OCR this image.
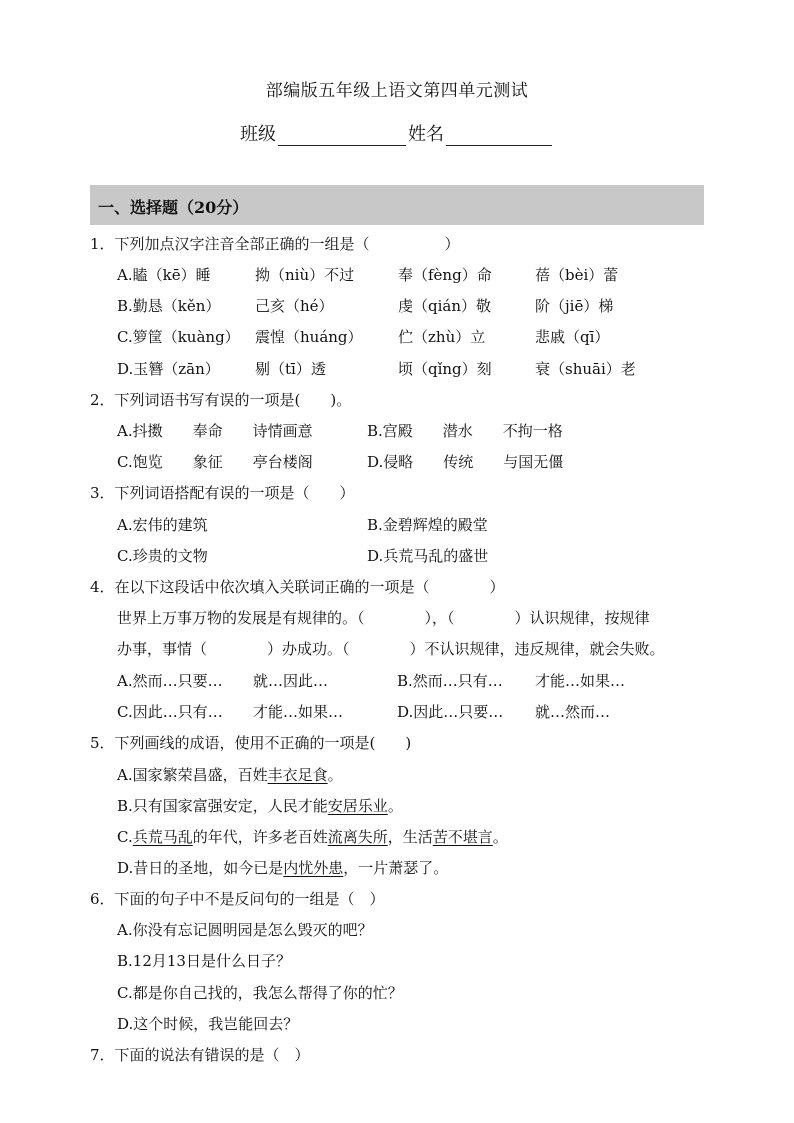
部编版五年级上语文第四单元测试
班级	姓名
一、选择题（20分）
1．下列加点汉字注音全部正确的一组是（　　　　　）
A.瞌（kē）睡	拗（niù）不过	奉（fèng）命	蓓（bèi）蕾
B.勤恳（kěn） 己亥（hé）	虔（qián）敬	阶（jiē）梯
C.箩筐（kuàng） 震惶（huáng） 伫（zhù）立	悲戚（qī）
D.玉簪（zān） 剔（tī）透	顷（qǐng）刻	衰（shuāi）老
2．下列词语书写有误的一项是(　　)。
A.抖擞　　奉命　　诗情画意	B.宫殿　　潜水　　不拘一格
C.饱览　　象征　　亭台楼阁	D.侵略　　传统　　与国无僵
3．下列词语搭配有误的一项是（　　）
A.宏伟的建筑	B.金碧辉煌的殿堂
C.珍贵的文物	D.兵荒马乱的盛世
4．在以下这段话中依次填入关联词正确的一项是（　　　　）
世界上万事万物的发展是有规律的。（　　　　），（　　　　）认识规律，按规律
办事，事情（　　　　）办成功。（　　　　）不认识规律，违反规律，就会失败。
A.然而…只要… 就…因此…	B.然而…只有… 才能…如果…
C.因此…只有… 才能…如果…	D.因此…只要… 就…然而…
5．下列画线的成语，使用不正确的一项是(　　)
A.国家繁荣昌盛，百姓丰衣足食。
B.只有国家富强安定，人民才能安居乐业。
C.兵荒马乱的年代，许多老百姓流离失所，生活苦不堪言。
D.昔日的圣地，如今已是内忧外患，一片萧瑟了。
6．下面的句子中不是反问句的一组是（　）
A.你没有忘记圆明园是怎么毁灭的吧？
B.12月13日是什么日子？
C.都是你自己找的，我怎么帮得了你的忙？
D.这个时候，我岂能回去？
7．下面的说法有错误的是（　）
